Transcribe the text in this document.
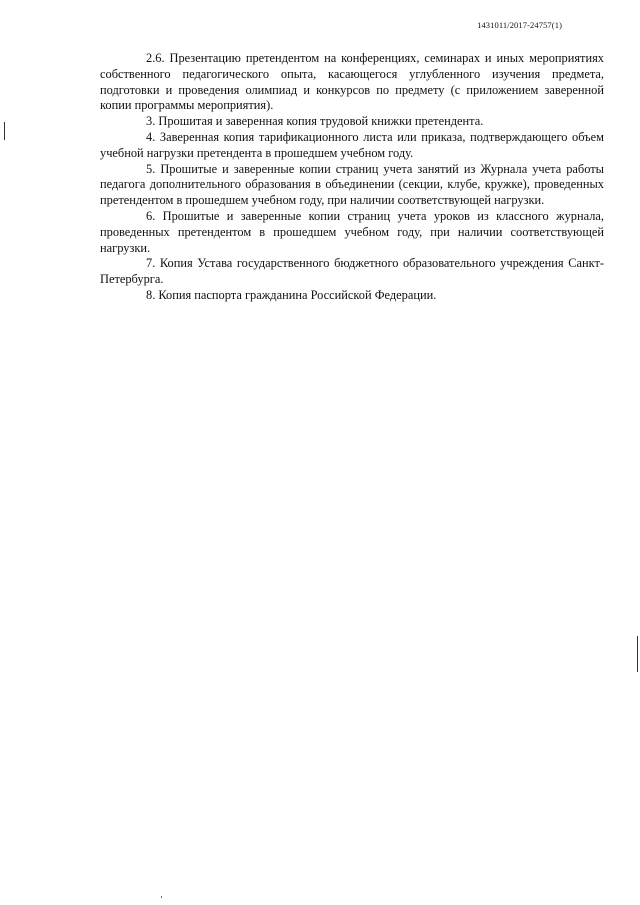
1431011/2017-24757(1)

2.6. Презентацию претендентом на конференциях, семинарах и иных мероприятиях собственного педагогического опыта, касающегося углубленного изучения предмета, подготовки и проведения олимпиад и конкурсов по предмету (с приложением заверенной копии программы мероприятия).

3. Прошитая и заверенная копия трудовой книжки претендента.

4. Заверенная копия тарификационного листа или приказа, подтверждающего объем учебной нагрузки претендента в прошедшем учебном году.

5. Прошитые и заверенные копии страниц учета занятий из Журнала учета работы педагога дополнительного образования в объединении (секции, клубе, кружке), проведенных претендентом в прошедшем учебном году, при наличии соответствующей нагрузки.

6. Прошитые и заверенные копии страниц учета уроков из классного журнала, проведенных претендентом в прошедшем учебном году, при наличии соответствующей нагрузки.

7. Копия Устава государственного бюджетного образовательного учреждения Санкт-Петербурга.

8. Копия паспорта гражданина Российской Федерации.
